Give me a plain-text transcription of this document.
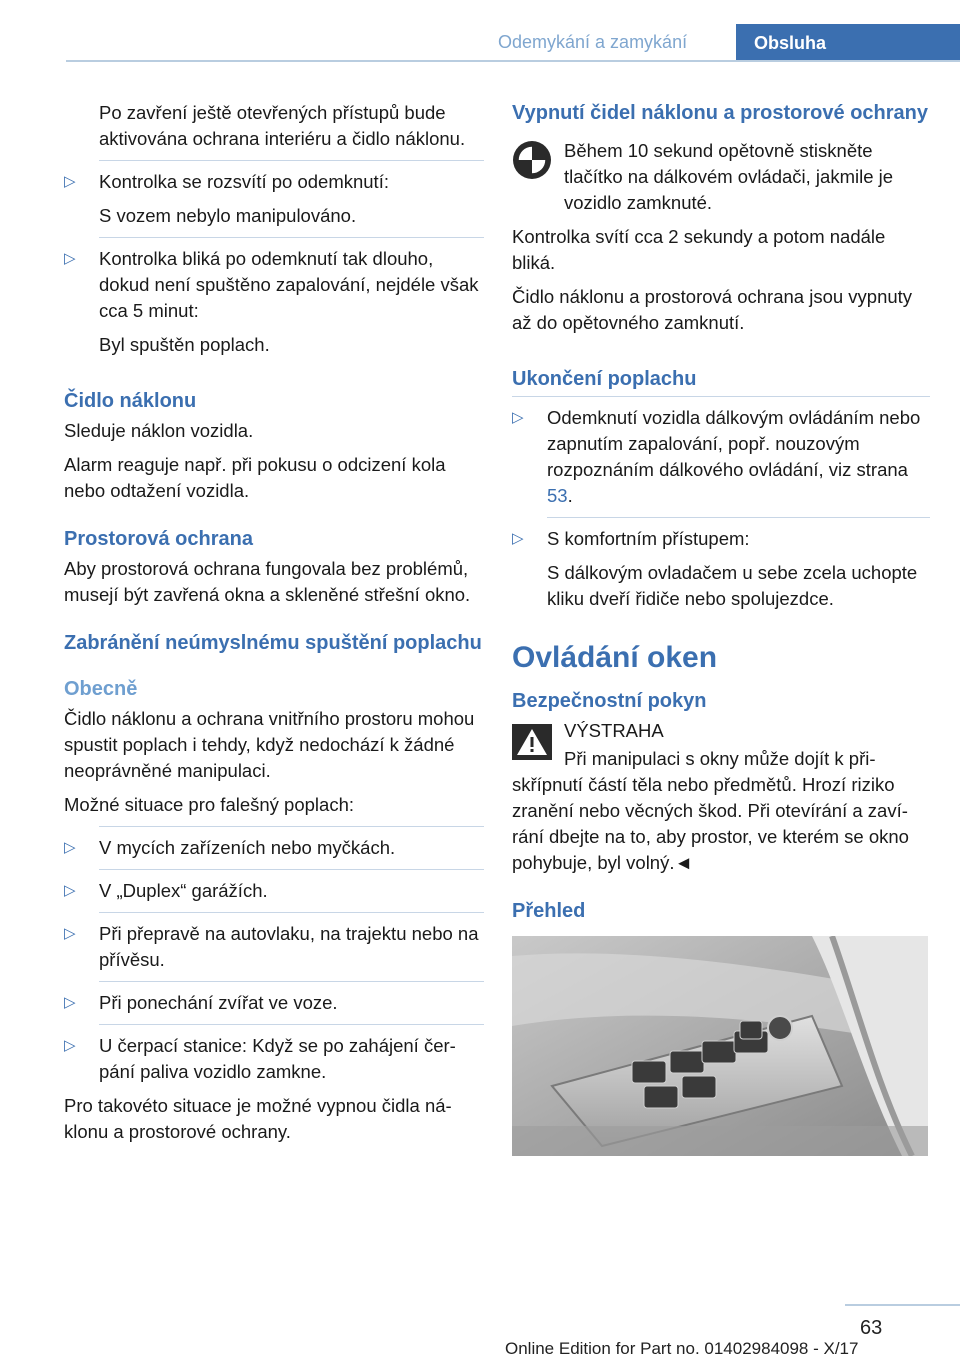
Odemykání a zamykání	Obsluha

Po zavření ještě otevřených přístupů bude aktivována ochrana interiéru a čidlo náklonu.

▷ Kontrolka se rozsvítí po odemknutí:

S vozem nebylo manipulováno.

▷ Kontrolka bliká po odemknutí tak dlouho, dokud není spuštěno zapalování, nejdéle však cca 5 minut:

Byl spuštěn poplach.

Čidlo náklonu

Sleduje náklon vozidla.

Alarm reaguje např. při pokusu o odcizení kola nebo odtažení vozidla.

Prostorová ochrana

Aby prostorová ochrana fungovala bez problémů, musejí být zavřená okna a skleněné střešní okno.

Zabránění neúmyslnému spuštění poplachu
Obecně

Čidlo náklonu a ochrana vnitřního prostoru mohou spustit poplach i tehdy, když nedochází k žádné neoprávněné manipulaci.

Možné situace pro falešný poplach:

▷ V mycích zařízeních nebo myčkách.
▷ V „Duplex“ garážích.
▷ Při přepravě na autovlaku, na trajektu nebo na přívěsu.
▷ Při ponechání zvířat ve voze.
▷ U čerpací stanice: Když se po zahájení čerpání paliva vozidlo zamkne.

Pro takovéto situace je možné vypnou čidla náklonu a prostorové ochrany.

Vypnutí čidel náklonu a prostorové ochrany

Během 10 sekund opětovně stiskněte tlačítko na dálkovém ovládači, jakmile je vozidlo zamknuté.

Kontrolka svítí cca 2 sekundy a potom nadále bliká.

Čidlo náklonu a prostorová ochrana jsou vypnuty až do opětovného zamknutí.

Ukončení poplachu
▷ Odemknutí vozidla dálkovým ovládáním nebo zapnutím zapalování, popř. nouzovým rozpoznáním dálkového ovládání, viz strana 53.
▷ S komfortním přístupem:

S dálkovým ovladačem u sebe zcela uchopte kliku dveří řidiče nebo spolujezdce.

Ovládání oken
Bezpečnostní pokyn

VÝSTRAHA

Při manipulaci s okny může dojít k přiskřípnutí částí těla nebo předmětů. Hrozí riziko zranění nebo věcných škod. Při otevírání a zavírání dbejte na to, aby prostor, ve kterém se okno pohybuje, byl volný.◄

Přehled
63
Online Edition for Part no. 01402984098 - X/17
